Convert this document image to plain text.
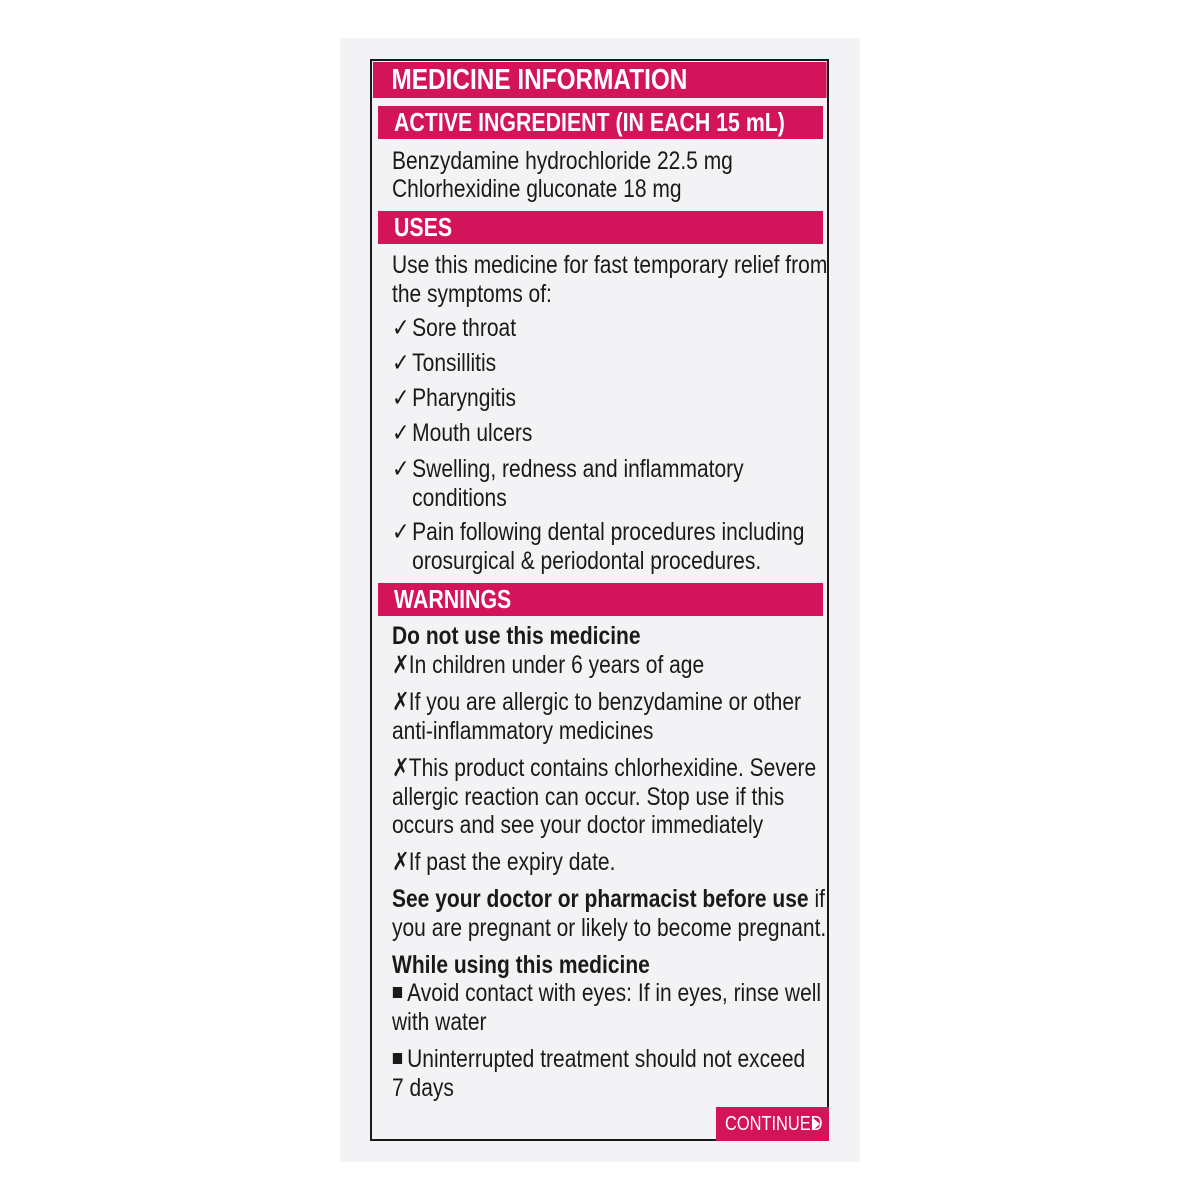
MEDICINE INFORMATION
ACTIVE INGREDIENT (IN EACH 15 mL)
Benzydamine hydrochloride 22.5 mg
Chlorhexidine gluconate 18 mg
USES
Use this medicine for fast temporary relief from
the symptoms of:
✓ Sore throat
✓ Tonsillitis
✓ Pharyngitis
✓ Mouth ulcers
✓ Swelling, redness and inflammatory
conditions
✓ Pain following dental procedures including
orosurgical & periodontal procedures.
WARNINGS
Do not use this medicine
✗In children under 6 years of age
✗If you are allergic to benzydamine or other
anti-inflammatory medicines
✗This product contains chlorhexidine. Severe
allergic reaction can occur. Stop use if this
occurs and see your doctor immediately
✗If past the expiry date.
See your doctor or pharmacist before use if
you are pregnant or likely to become pregnant.
While using this medicine
Avoid contact with eyes: If in eyes, rinse well
with water
Uninterrupted treatment should not exceed
7 days
CONTINUED
